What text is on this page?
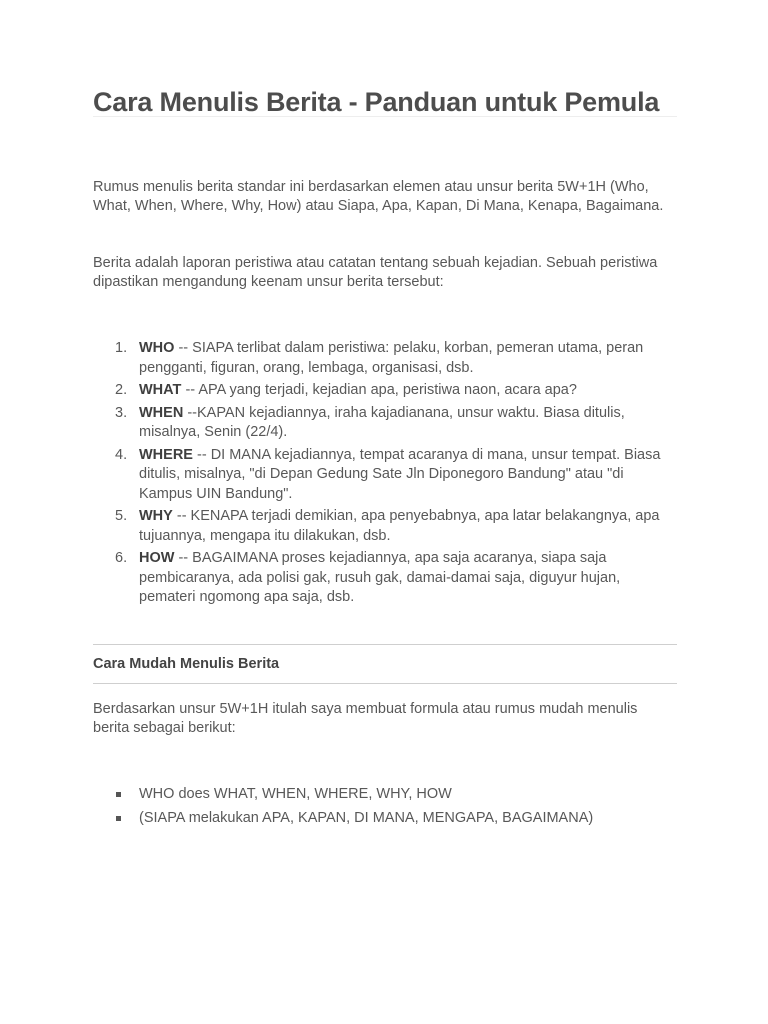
Cara Menulis Berita - Panduan untuk Pemula

Rumus menulis berita standar ini berdasarkan elemen atau unsur berita 5W+1H (Who, What, When, Where, Why, How) atau Siapa, Apa, Kapan, Di Mana, Kenapa, Bagaimana.

Berita adalah laporan peristiwa atau catatan tentang sebuah kejadian. Sebuah peristiwa dipastikan mengandung keenam unsur berita tersebut:

1. WHO -- SIAPA terlibat dalam peristiwa: pelaku, korban, pemeran utama, peran pengganti, figuran, orang, lembaga, organisasi, dsb.
2. WHAT -- APA yang terjadi, kejadian apa, peristiwa naon, acara apa?
3. WHEN --KAPAN kejadiannya, iraha kajadianana, unsur waktu. Biasa ditulis, misalnya, Senin (22/4).
4. WHERE -- DI MANA kejadiannya, tempat acaranya di mana, unsur tempat. Biasa ditulis, misalnya, "di Depan Gedung Sate Jln Diponegoro Bandung" atau "di Kampus UIN Bandung".
5. WHY -- KENAPA terjadi demikian, apa penyebabnya, apa latar belakangnya, apa tujuannya, mengapa itu dilakukan, dsb.
6. HOW -- BAGAIMANA proses kejadiannya, apa saja acaranya, siapa saja pembicaranya, ada polisi gak, rusuh gak, damai-damai saja, diguyur hujan, pemateri ngomong apa saja, dsb.
Cara Mudah Menulis Berita

Berdasarkan unsur 5W+1H itulah saya membuat formula atau rumus mudah menulis berita sebagai berikut:

WHO does WHAT, WHEN, WHERE, WHY, HOW
(SIAPA melakukan APA, KAPAN, DI MANA, MENGAPA, BAGAIMANA)
